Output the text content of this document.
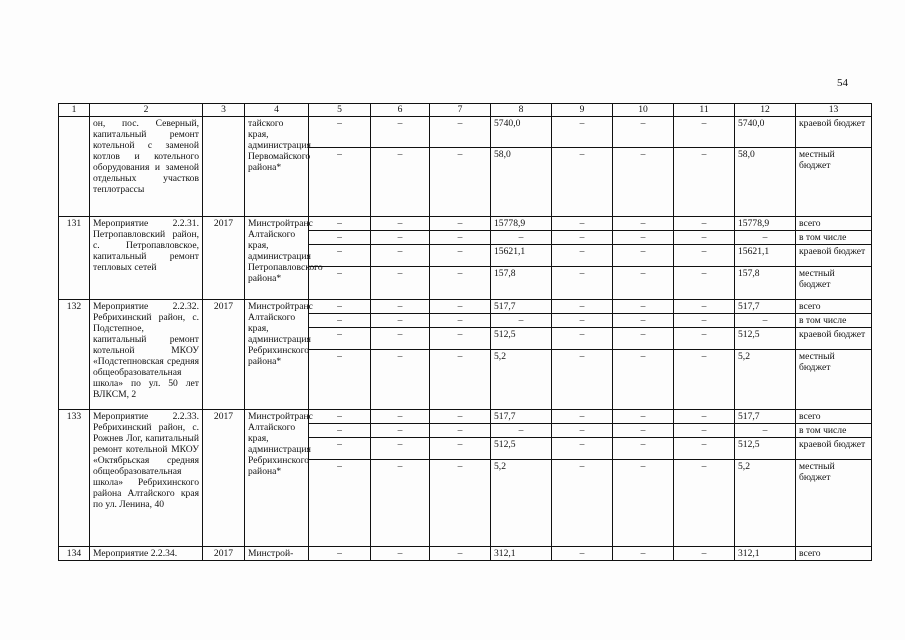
54
1	2	3	4	5	6	7	8	9	10	11	12	13
	он, пос. Северный, капитальный ремонт котельной с заменой котлов и котельного оборудования и заменой отдельных участков теплотрассы		тайского края, администрация Первомайского района*	–	–	–	5740,0	–	–	–	5740,0	краевой бюджет
				–	–	–	58,0	–	–	–	58,0	местный бюджет
131	Мероприятие 2.2.31. Петропавловский район, с. Петропавловское, капитальный ремонт тепловых сетей	2017	Минстройтранс Алтайского края, администрация Петропавловского района*	–	–	–	15778,9	–	–	–	15778,9	всего
				–	–	–	–	–	–	–	–	в том числе
				–	–	–	15621,1	–	–	–	15621,1	краевой бюджет
				–	–	–	157,8	–	–	–	157,8	местный бюджет
132	Мероприятие 2.2.32. Ребрихинский район, с. Подстепное, капитальный ремонт котельной МКОУ «Подстепновская средняя общеобразовательная школа» по ул. 50 лет ВЛКСМ, 2	2017	Минстройтранс Алтайского края, администрация Ребрихинского района*	–	–	–	517,7	–	–	–	517,7	всего
				–	–	–	–	–	–	–	–	в том числе
				–	–	–	512,5	–	–	–	512,5	краевой бюджет
				–	–	–	5,2	–	–	–	5,2	местный бюджет
133	Мероприятие 2.2.33. Ребрихинский район, с. Рожнев Лог, капитальный ремонт котельной МКОУ «Октябрьская средняя общеобразовательная школа» Ребрихинского района Алтайского края по ул. Ленина, 40	2017	Минстройтранс Алтайского края, администрация Ребрихинского района*	–	–	–	517,7	–	–	–	517,7	всего
				–	–	–	–	–	–	–	–	в том числе
				–	–	–	512,5	–	–	–	512,5	краевой бюджет
				–	–	–	5,2	–	–	–	5,2	местный бюджет
134	Мероприятие 2.2.34.	2017	Минстрой-	–	–	–	312,1	–	–	–	312,1	всего
